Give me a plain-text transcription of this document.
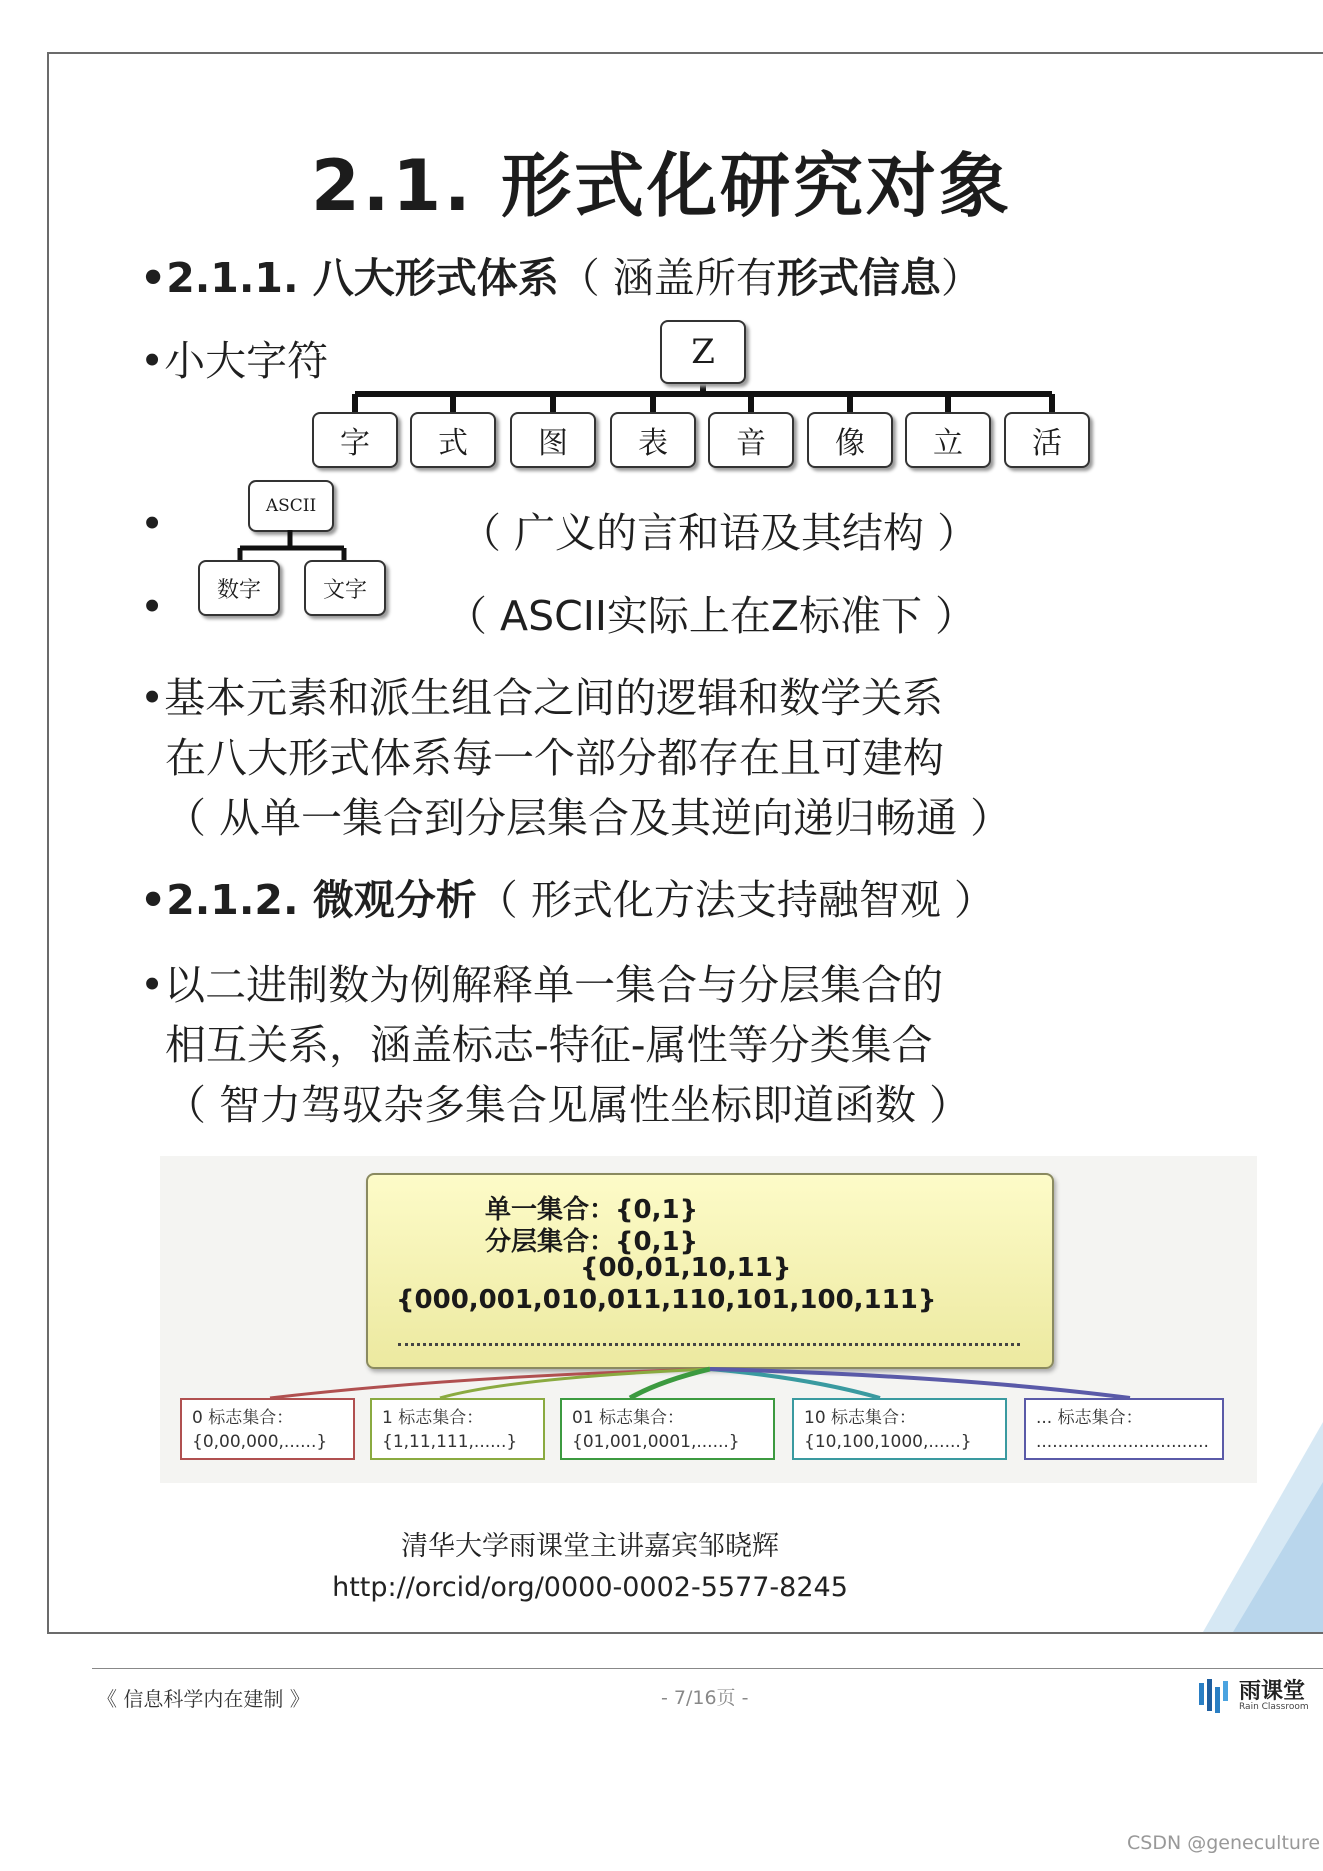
2.1. 形式化研究对象
•2.1.1. 八大形式体系（ 涵盖所有形式信息）
•小大字符	Z
字	式	图	表	音	像	立	活
•	ASCII
（ 广义的言和语及其结构 ）
•	数字	文字
（ ASCII实际上在Z标准下 ）
•基本元素和派生组合之间的逻辑和数学关系
在八大形式体系每一个部分都存在且可建构
（ 从单一集合到分层集合及其逆向递归畅通 ）
•2.1.2. 微观分析（ 形式化方法支持融智观 ）
•以二进制数为例解释单一集合与分层集合的
相互关系，涵盖标志-特征-属性等分类集合
（ 智力驾驭杂多集合见属性坐标即道函数 ）
单一集合：{0,1}
分层集合：{0,1}
{00,01,10,11}
{000,001,010,011,110,101,100,111}
0 标志集合：
{0,00,000,......}
1 标志集合：
{1,11,111,......}
01 标志集合：
{01,001,0001,......}
10 标志集合：
{10,100,1000,......}
... 标志集合：
................................
清华大学雨课堂主讲嘉宾邹晓辉
http://orcid/org/0000-0002-5577-8245
《 信息科学内在建制 》	- 7/16页 -	雨课堂
Rain Classroom
CSDN @geneculture
